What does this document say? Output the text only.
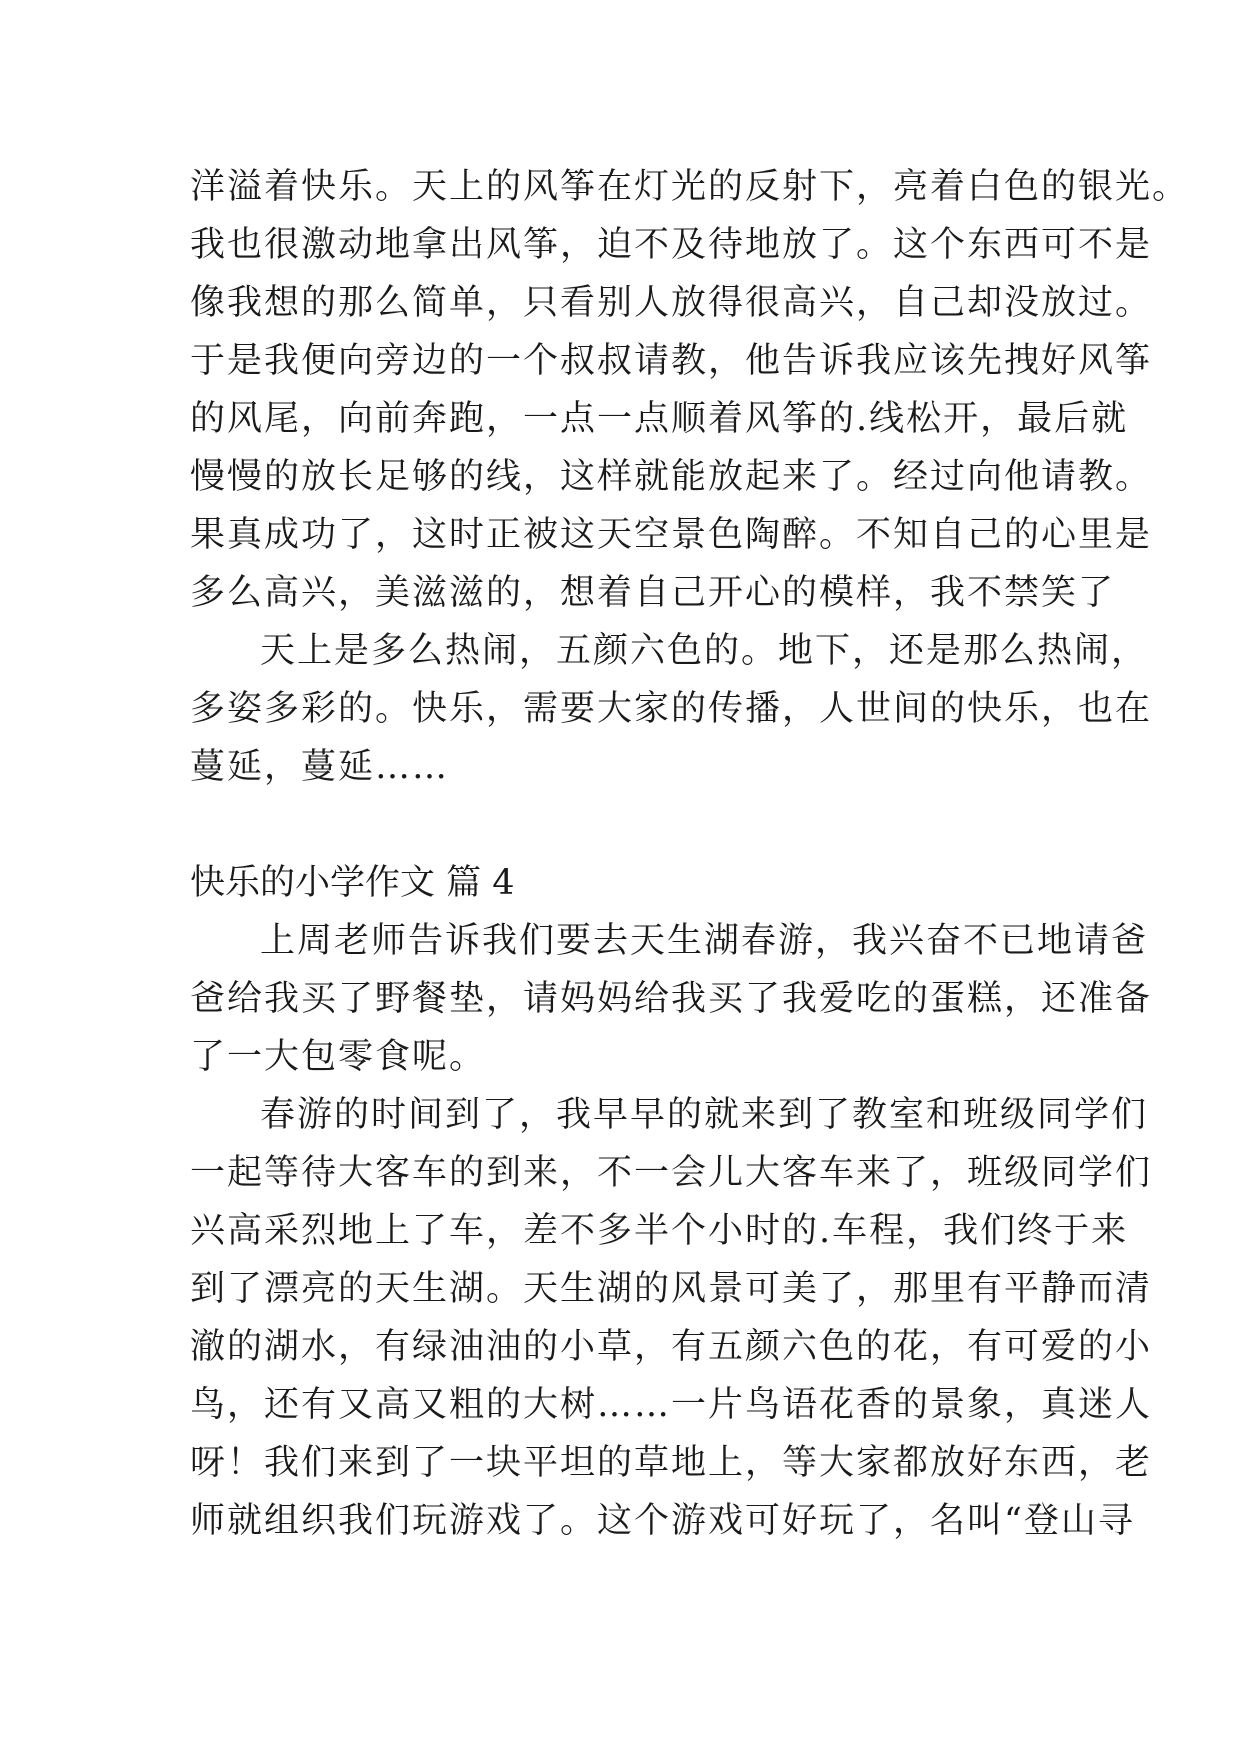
洋溢着快乐。天上的风筝在灯光的反射下，亮着白色的银光。
我也很激动地拿出风筝，迫不及待地放了。这个东西可不是
像我想的那么简单，只看别人放得很高兴，自己却没放过。
于是我便向旁边的一个叔叔请教，他告诉我应该先拽好风筝
的风尾，向前奔跑，一点一点顺着风筝的.线松开，最后就
慢慢的放长足够的线，这样就能放起来了。经过向他请教。
果真成功了，这时正被这天空景色陶醉。不知自己的心里是
多么高兴，美滋滋的，想着自己开心的模样，我不禁笑了
天上是多么热闹，五颜六色的。地下，还是那么热闹，
多姿多彩的。快乐，需要大家的传播，人世间的快乐，也在
蔓延，蔓延……
快乐的小学作文 篇 4
上周老师告诉我们要去天生湖春游，我兴奋不已地请爸
爸给我买了野餐垫，请妈妈给我买了我爱吃的蛋糕，还准备
了一大包零食呢。
春游的时间到了，我早早的就来到了教室和班级同学们
一起等待大客车的到来，不一会儿大客车来了，班级同学们
兴高采烈地上了车，差不多半个小时的.车程，我们终于来
到了漂亮的天生湖。天生湖的风景可美了，那里有平静而清
澈的湖水，有绿油油的小草，有五颜六色的花，有可爱的小
鸟，还有又高又粗的大树……一片鸟语花香的景象，真迷人
呀！我们来到了一块平坦的草地上，等大家都放好东西，老
师就组织我们玩游戏了。这个游戏可好玩了，名叫“登山寻
